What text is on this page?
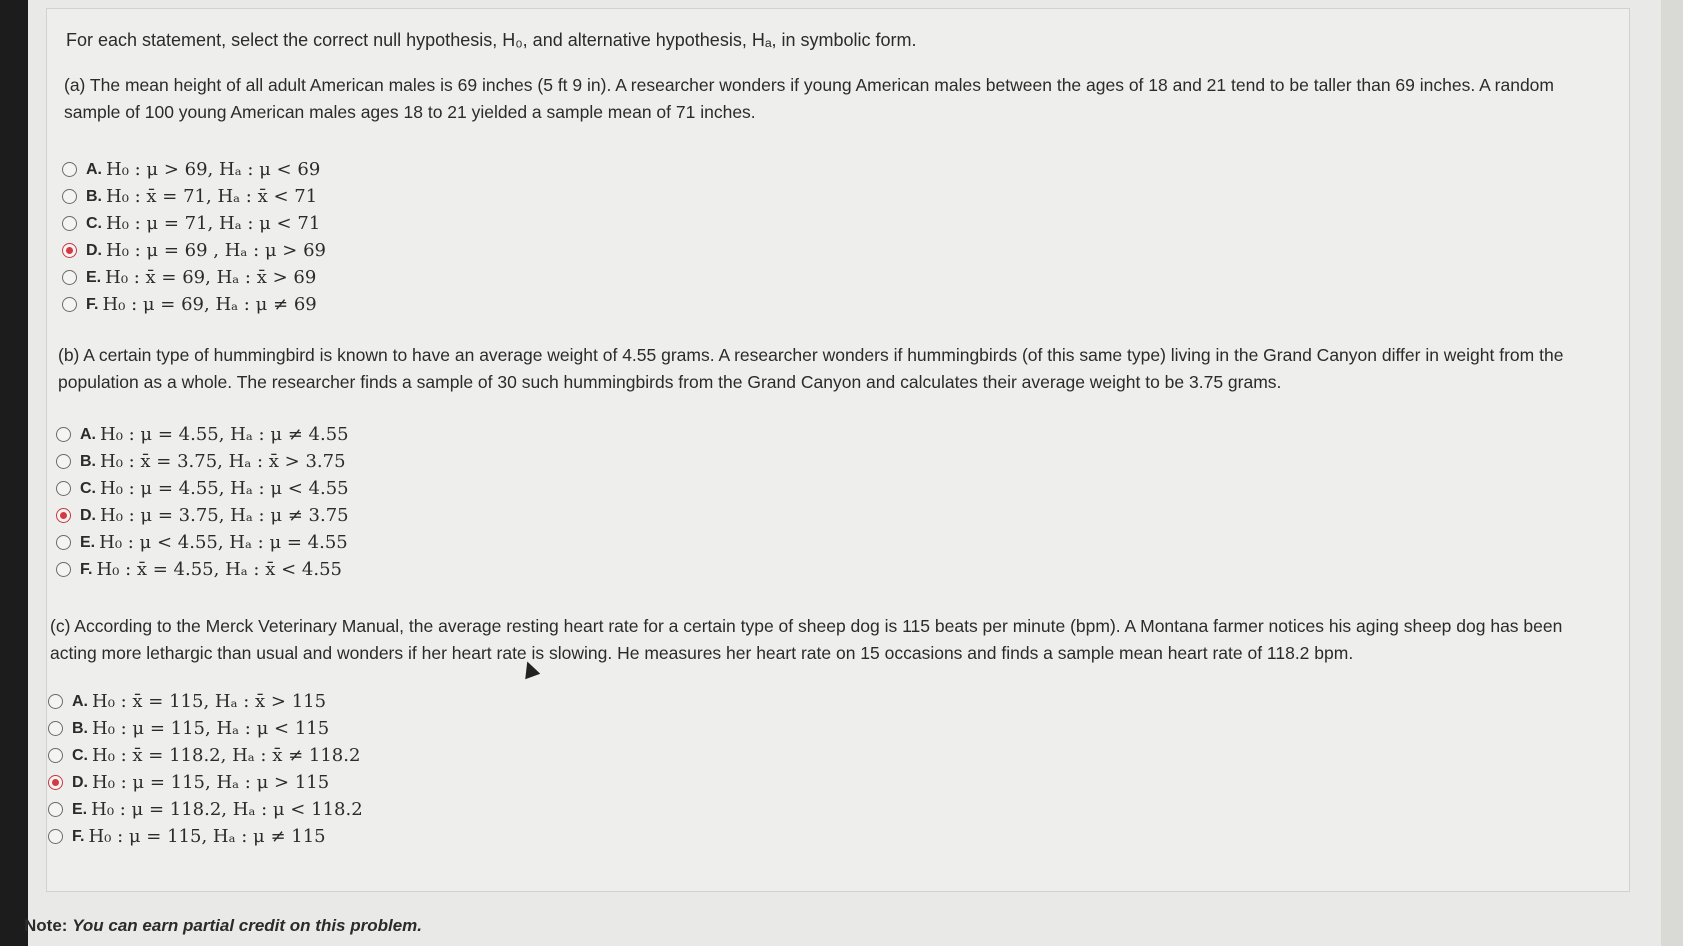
For each statement, select the correct null hypothesis, H₀, and alternative hypothesis, Hₐ, in symbolic form.
(a) The mean height of all adult American males is 69 inches (5 ft 9 in). A researcher wonders if young American males between the ages of 18 and 21 tend to be taller than 69 inches. A random sample of 100 young American males ages 18 to 21 yielded a sample mean of 71 inches.
A. H₀ : μ > 69, Hₐ : μ < 69
B. H₀ : x̄ = 71, Hₐ : x̄ < 71
C. H₀ : μ = 71, Hₐ : μ < 71
D. H₀ : μ = 69 , Hₐ : μ > 69
E. H₀ : x̄ = 69, Hₐ : x̄ > 69
F. H₀ : μ = 69, Hₐ : μ ≠ 69
(b) A certain type of hummingbird is known to have an average weight of 4.55 grams. A researcher wonders if hummingbirds (of this same type) living in the Grand Canyon differ in weight from the population as a whole. The researcher finds a sample of 30 such hummingbirds from the Grand Canyon and calculates their average weight to be 3.75 grams.
A. H₀ : μ = 4.55, Hₐ : μ ≠ 4.55
B. H₀ : x̄ = 3.75, Hₐ : x̄ > 3.75
C. H₀ : μ = 4.55, Hₐ : μ < 4.55
D. H₀ : μ = 3.75, Hₐ : μ ≠ 3.75
E. H₀ : μ < 4.55, Hₐ : μ = 4.55
F. H₀ : x̄ = 4.55, Hₐ : x̄ < 4.55
(c) According to the Merck Veterinary Manual, the average resting heart rate for a certain type of sheep dog is 115 beats per minute (bpm). A Montana farmer notices his aging sheep dog has been acting more lethargic than usual and wonders if her heart rate is slowing. He measures her heart rate on 15 occasions and finds a sample mean heart rate of 118.2 bpm.
A. H₀ : x̄ = 115, Hₐ : x̄ > 115
B. H₀ : μ = 115, Hₐ : μ < 115
C. H₀ : x̄ = 118.2, Hₐ : x̄ ≠ 118.2
D. H₀ : μ = 115, Hₐ : μ > 115
E. H₀ : μ = 118.2, Hₐ : μ < 118.2
F. H₀ : μ = 115, Hₐ : μ ≠ 115
Note: You can earn partial credit on this problem.
